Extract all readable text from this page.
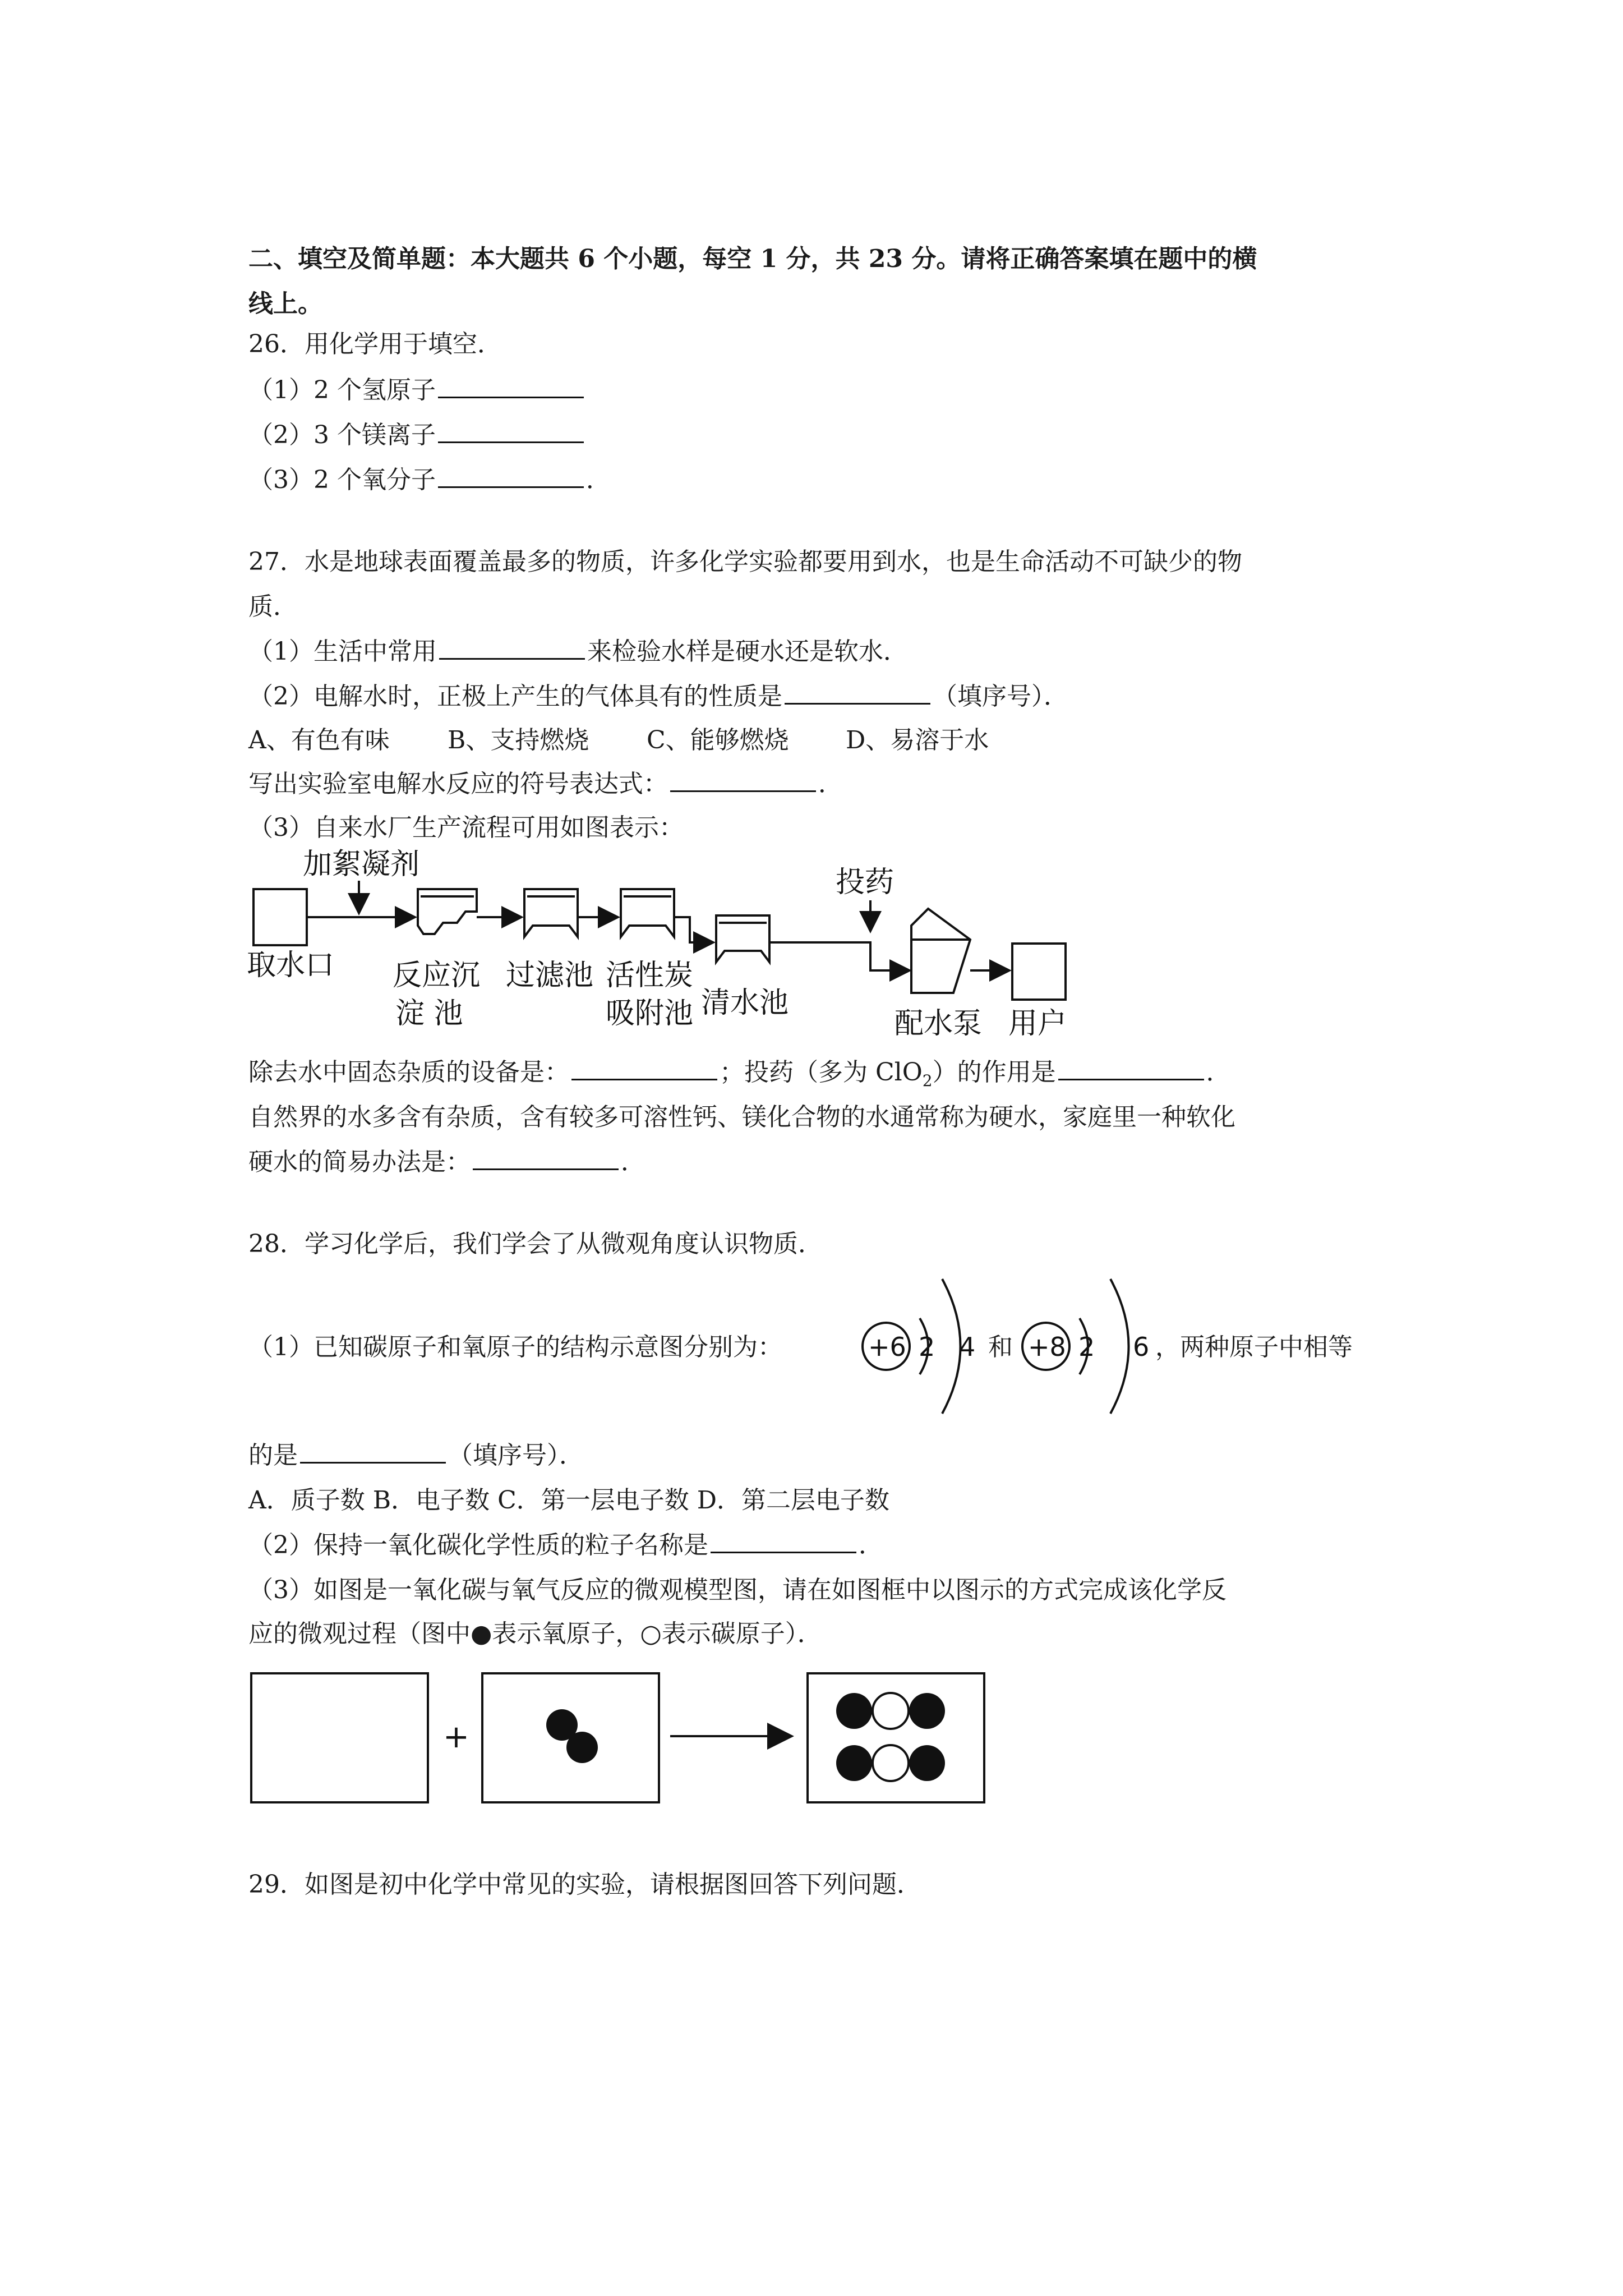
二、填空及简单题：本大题共 6 个小题，每空 1 分，共 23 分。请将正确答案填在题中的横
线上。
26．用化学用于填空．
（1）2 个氢原子
（2）3 个镁离子
（3）2 个氧分子	．
27．水是地球表面覆盖最多的物质，许多化学实验都要用到水，也是生命活动不可缺少的物
质．
（1）生活中常用	来检验水样是硬水还是软水．
（2）电解水时，正极上产生的气体具有的性质是	（填序号）．
A、有色有味 B、支持燃烧 C、能够燃烧 D、易溶于水
写出实验室电解水反应的符号表达式：	．
（3）自来水厂生产流程可用如图表示：
加絮凝剂
取水口 反应沉
淀 池
过滤池 活性炭
吸附池 清水池
投药
配水泵 用户
除去水中固态杂质的设备是：	；投药（多为 ClO$_2$）的作用是	．
自然界的水多含有杂质，含有较多可溶性钙、镁化合物的水通常称为硬水，家庭里一种软化
硬水的简易办法是：	．
28．学习化学后，我们学会了从微观角度认识物质．
（1）已知碳原子和氧原子的结构示意图分别为：	+6 2 4 和 +8 2 6 ，两种原子中相等
的是	（填序号）．
A．质子数 B．电子数 C．第一层电子数 D．第二层电子数
（2）保持一氧化碳化学性质的粒子名称是	．
（3）如图是一氧化碳与氧气反应的微观模型图，请在如图框中以图示的方式完成该化学反
应的微观过程（图中●表示氧原子，○表示碳原子）．
+
29．如图是初中化学中常见的实验，请根据图回答下列问题．
